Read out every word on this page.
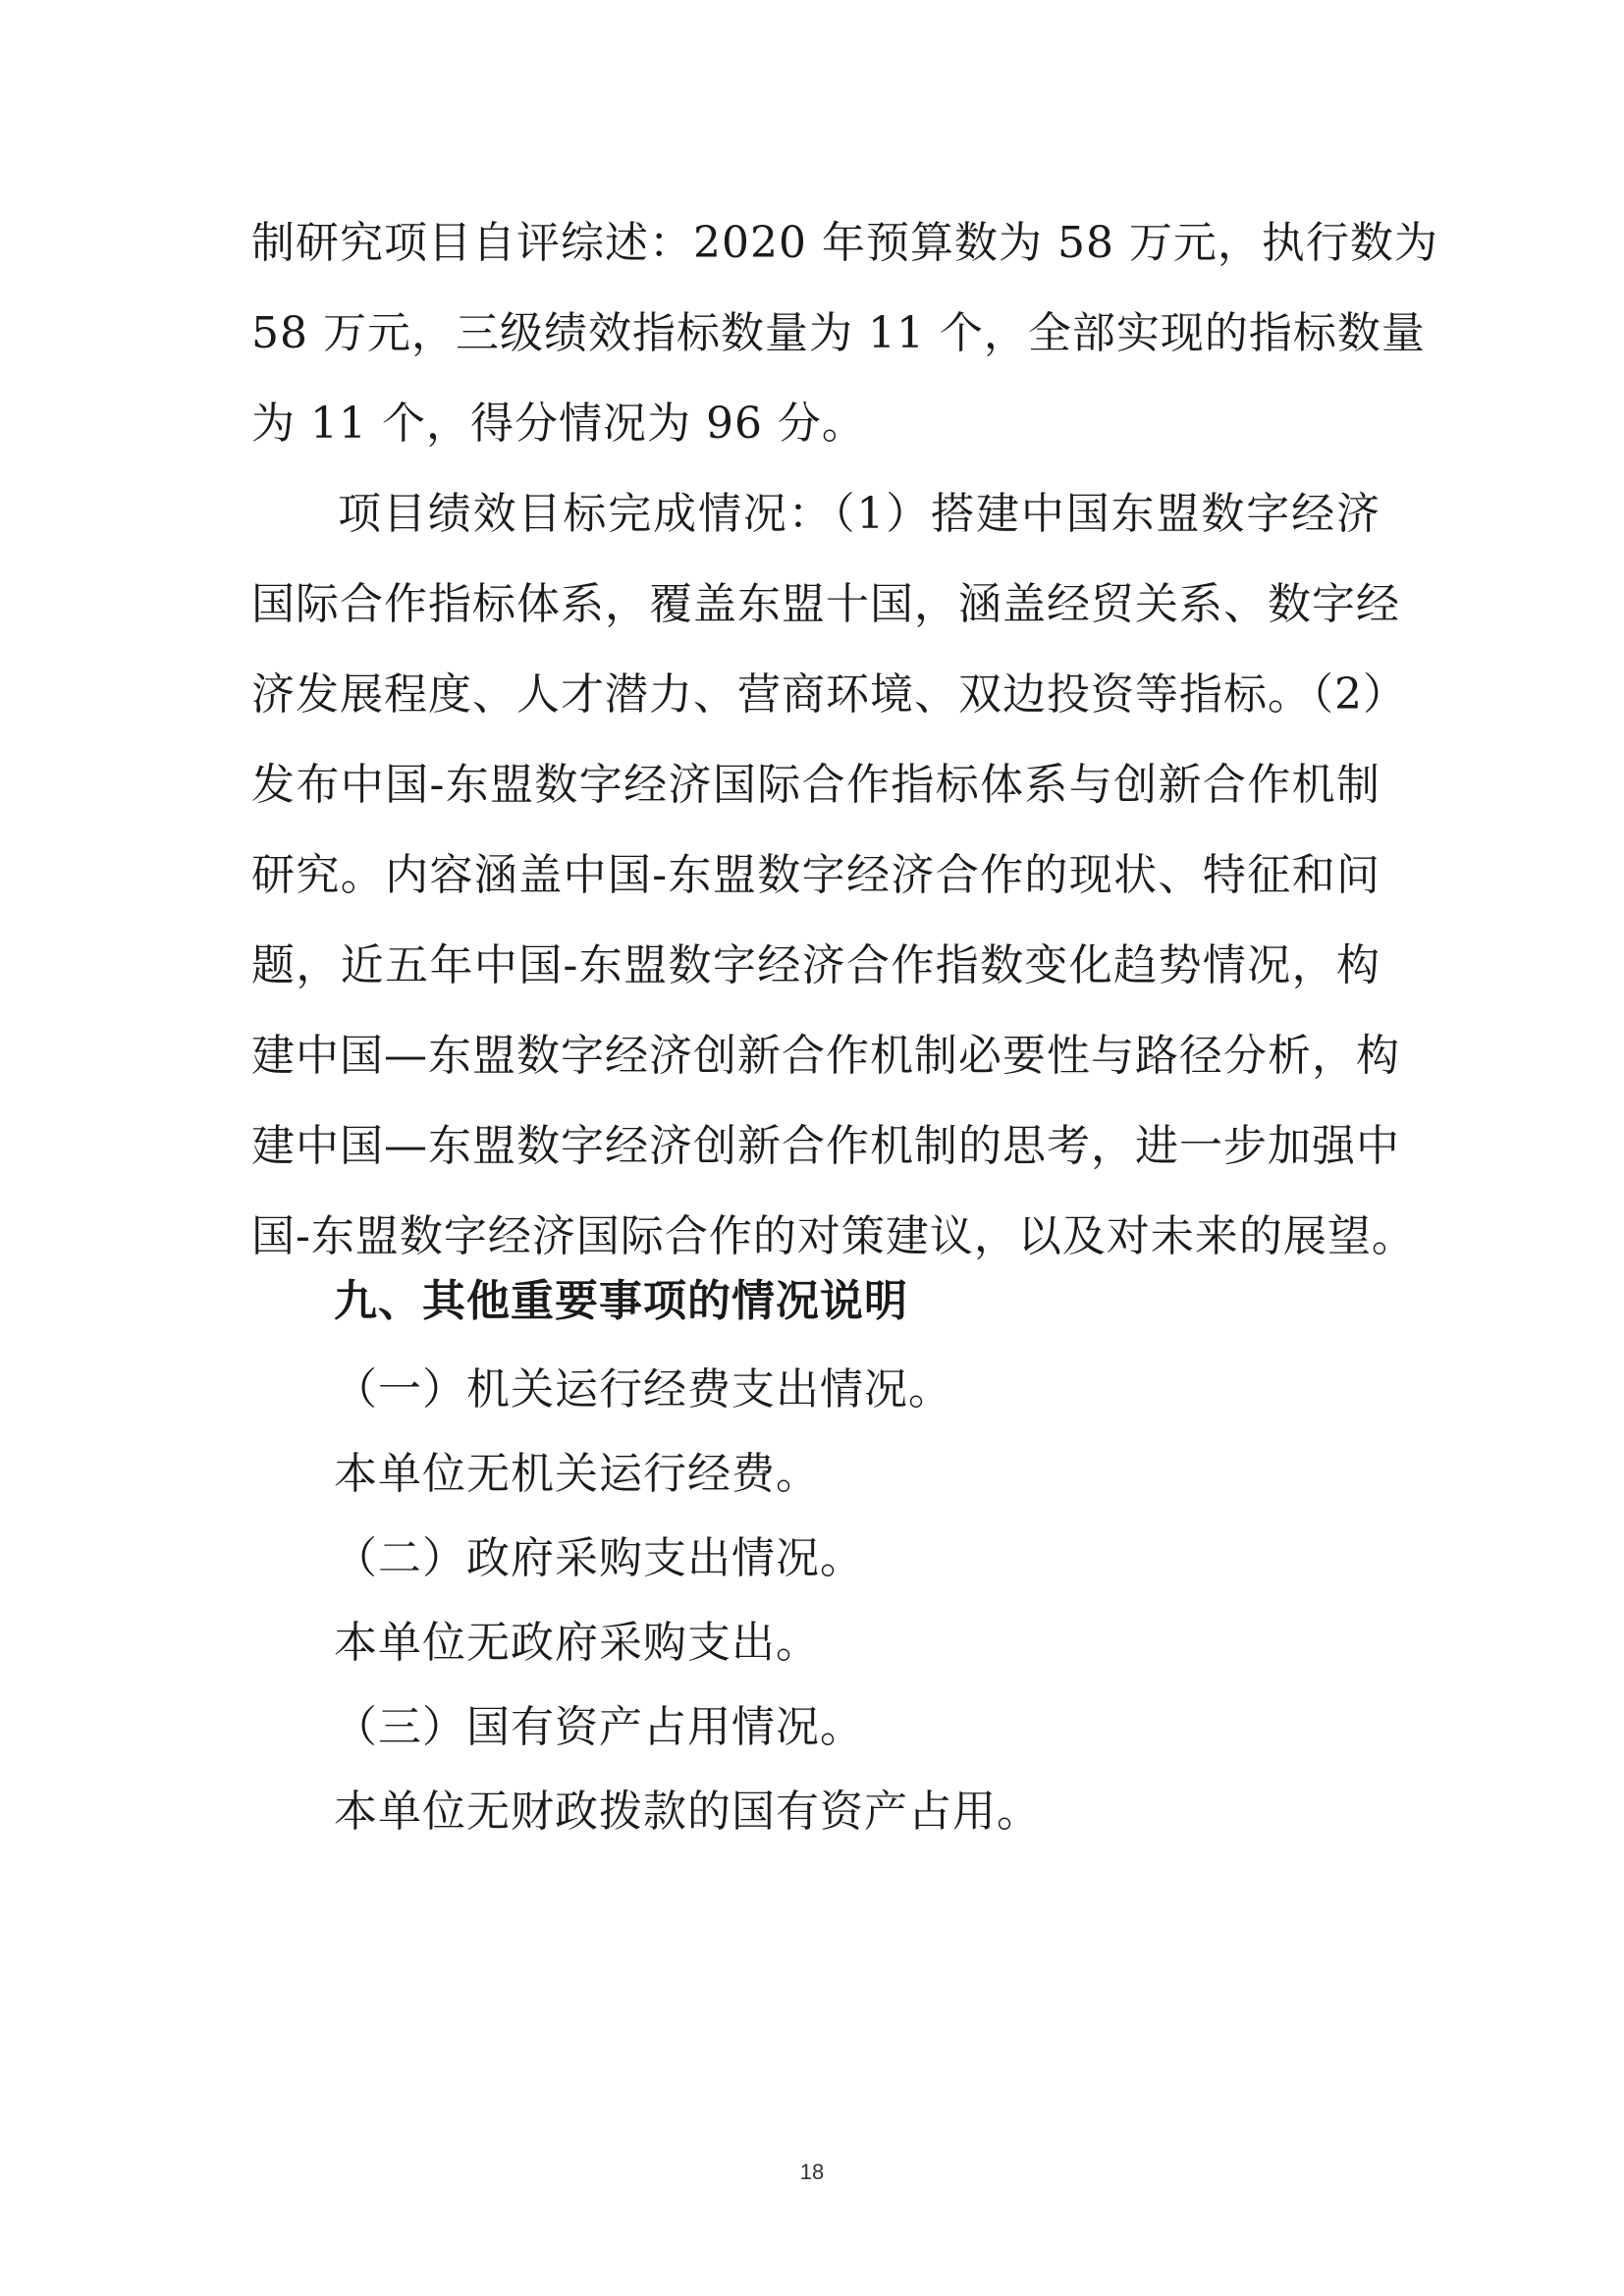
制研究项目自评综述：2020 年预算数为 58 万元，执行数为
58 万元，三级绩效指标数量为 11 个，全部实现的指标数量
为 11 个，得分情况为 96 分。
项目绩效目标完成情况：（1）搭建中国东盟数字经济
国际合作指标体系，覆盖东盟十国，涵盖经贸关系、数字经
济发展程度、人才潜力、营商环境、双边投资等指标。（2）
发布中国-东盟数字经济国际合作指标体系与创新合作机制
研究。内容涵盖中国-东盟数字经济合作的现状、特征和问
题，近五年中国-东盟数字经济合作指数变化趋势情况，构
建中国—东盟数字经济创新合作机制必要性与路径分析，构
建中国—东盟数字经济创新合作机制的思考，进一步加强中
国-东盟数字经济国际合作的对策建议，以及对未来的展望。
九、其他重要事项的情况说明
（一）机关运行经费支出情况。
本单位无机关运行经费。
（二）政府采购支出情况。
本单位无政府采购支出。
（三）国有资产占用情况。
本单位无财政拨款的国有资产占用。
18
